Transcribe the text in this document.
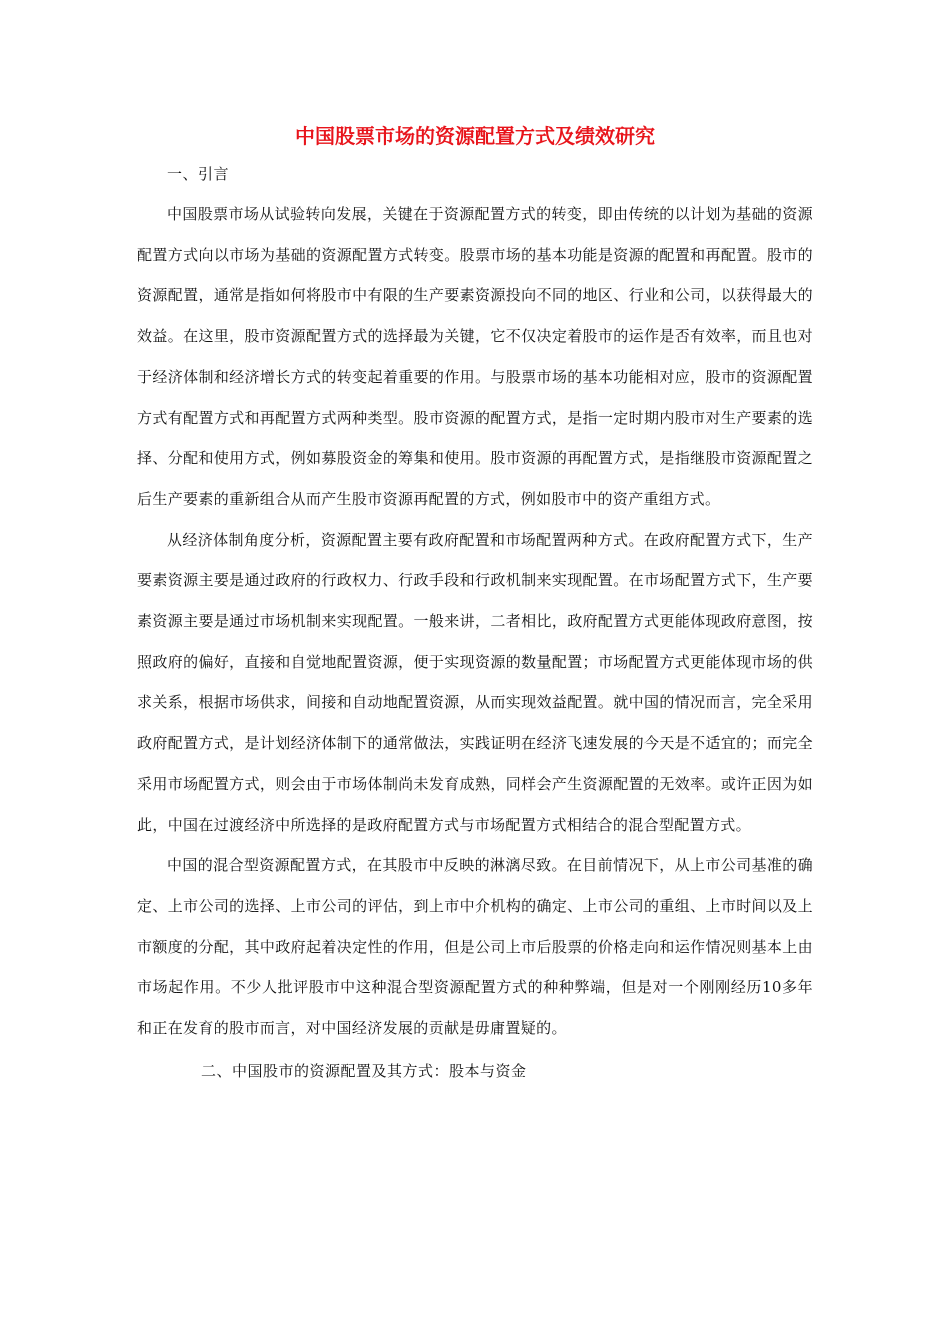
中国股票市场的资源配置方式及绩效研究

一、引言

中国股票市场从试验转向发展，关键在于资源配置方式的转变，即由传统的以计划为基础的资源配置方式向以市场为基础的资源配置方式转变。股票市场的基本功能是资源的配置和再配置。股市的资源配置，通常是指如何将股市中有限的生产要素资源投向不同的地区、行业和公司，以获得最大的效益。在这里，股市资源配置方式的选择最为关键，它不仅决定着股市的运作是否有效率，而且也对于经济体制和经济增长方式的转变起着重要的作用。与股票市场的基本功能相对应，股市的资源配置方式有配置方式和再配置方式两种类型。股市资源的配置方式，是指一定时期内股市对生产要素的选择、分配和使用方式，例如募股资金的筹集和使用。股市资源的再配置方式，是指继股市资源配置之后生产要素的重新组合从而产生股市资源再配置的方式，例如股市中的资产重组方式。

从经济体制角度分析，资源配置主要有政府配置和市场配置两种方式。在政府配置方式下，生产要素资源主要是通过政府的行政权力、行政手段和行政机制来实现配置。在市场配置方式下，生产要素资源主要是通过市场机制来实现配置。一般来讲，二者相比，政府配置方式更能体现政府意图，按照政府的偏好，直接和自觉地配置资源，便于实现资源的数量配置；市场配置方式更能体现市场的供求关系，根据市场供求，间接和自动地配置资源，从而实现效益配置。就中国的情况而言，完全采用政府配置方式，是计划经济体制下的通常做法，实践证明在经济飞速发展的今天是不适宜的；而完全采用市场配置方式，则会由于市场体制尚未发育成熟，同样会产生资源配置的无效率。或许正因为如此，中国在过渡经济中所选择的是政府配置方式与市场配置方式相结合的混合型配置方式。

中国的混合型资源配置方式，在其股市中反映的淋漓尽致。在目前情况下，从上市公司基准的确定、上市公司的选择、上市公司的评估，到上市中介机构的确定、上市公司的重组、上市时间以及上市额度的分配，其中政府起着决定性的作用，但是公司上市后股票的价格走向和运作情况则基本上由市场起作用。不少人批评股市中这种混合型资源配置方式的种种弊端，但是对一个刚刚经历10多年和正在发育的股市而言，对中国经济发展的贡献是毋庸置疑的。

二、中国股市的资源配置及其方式：股本与资金
